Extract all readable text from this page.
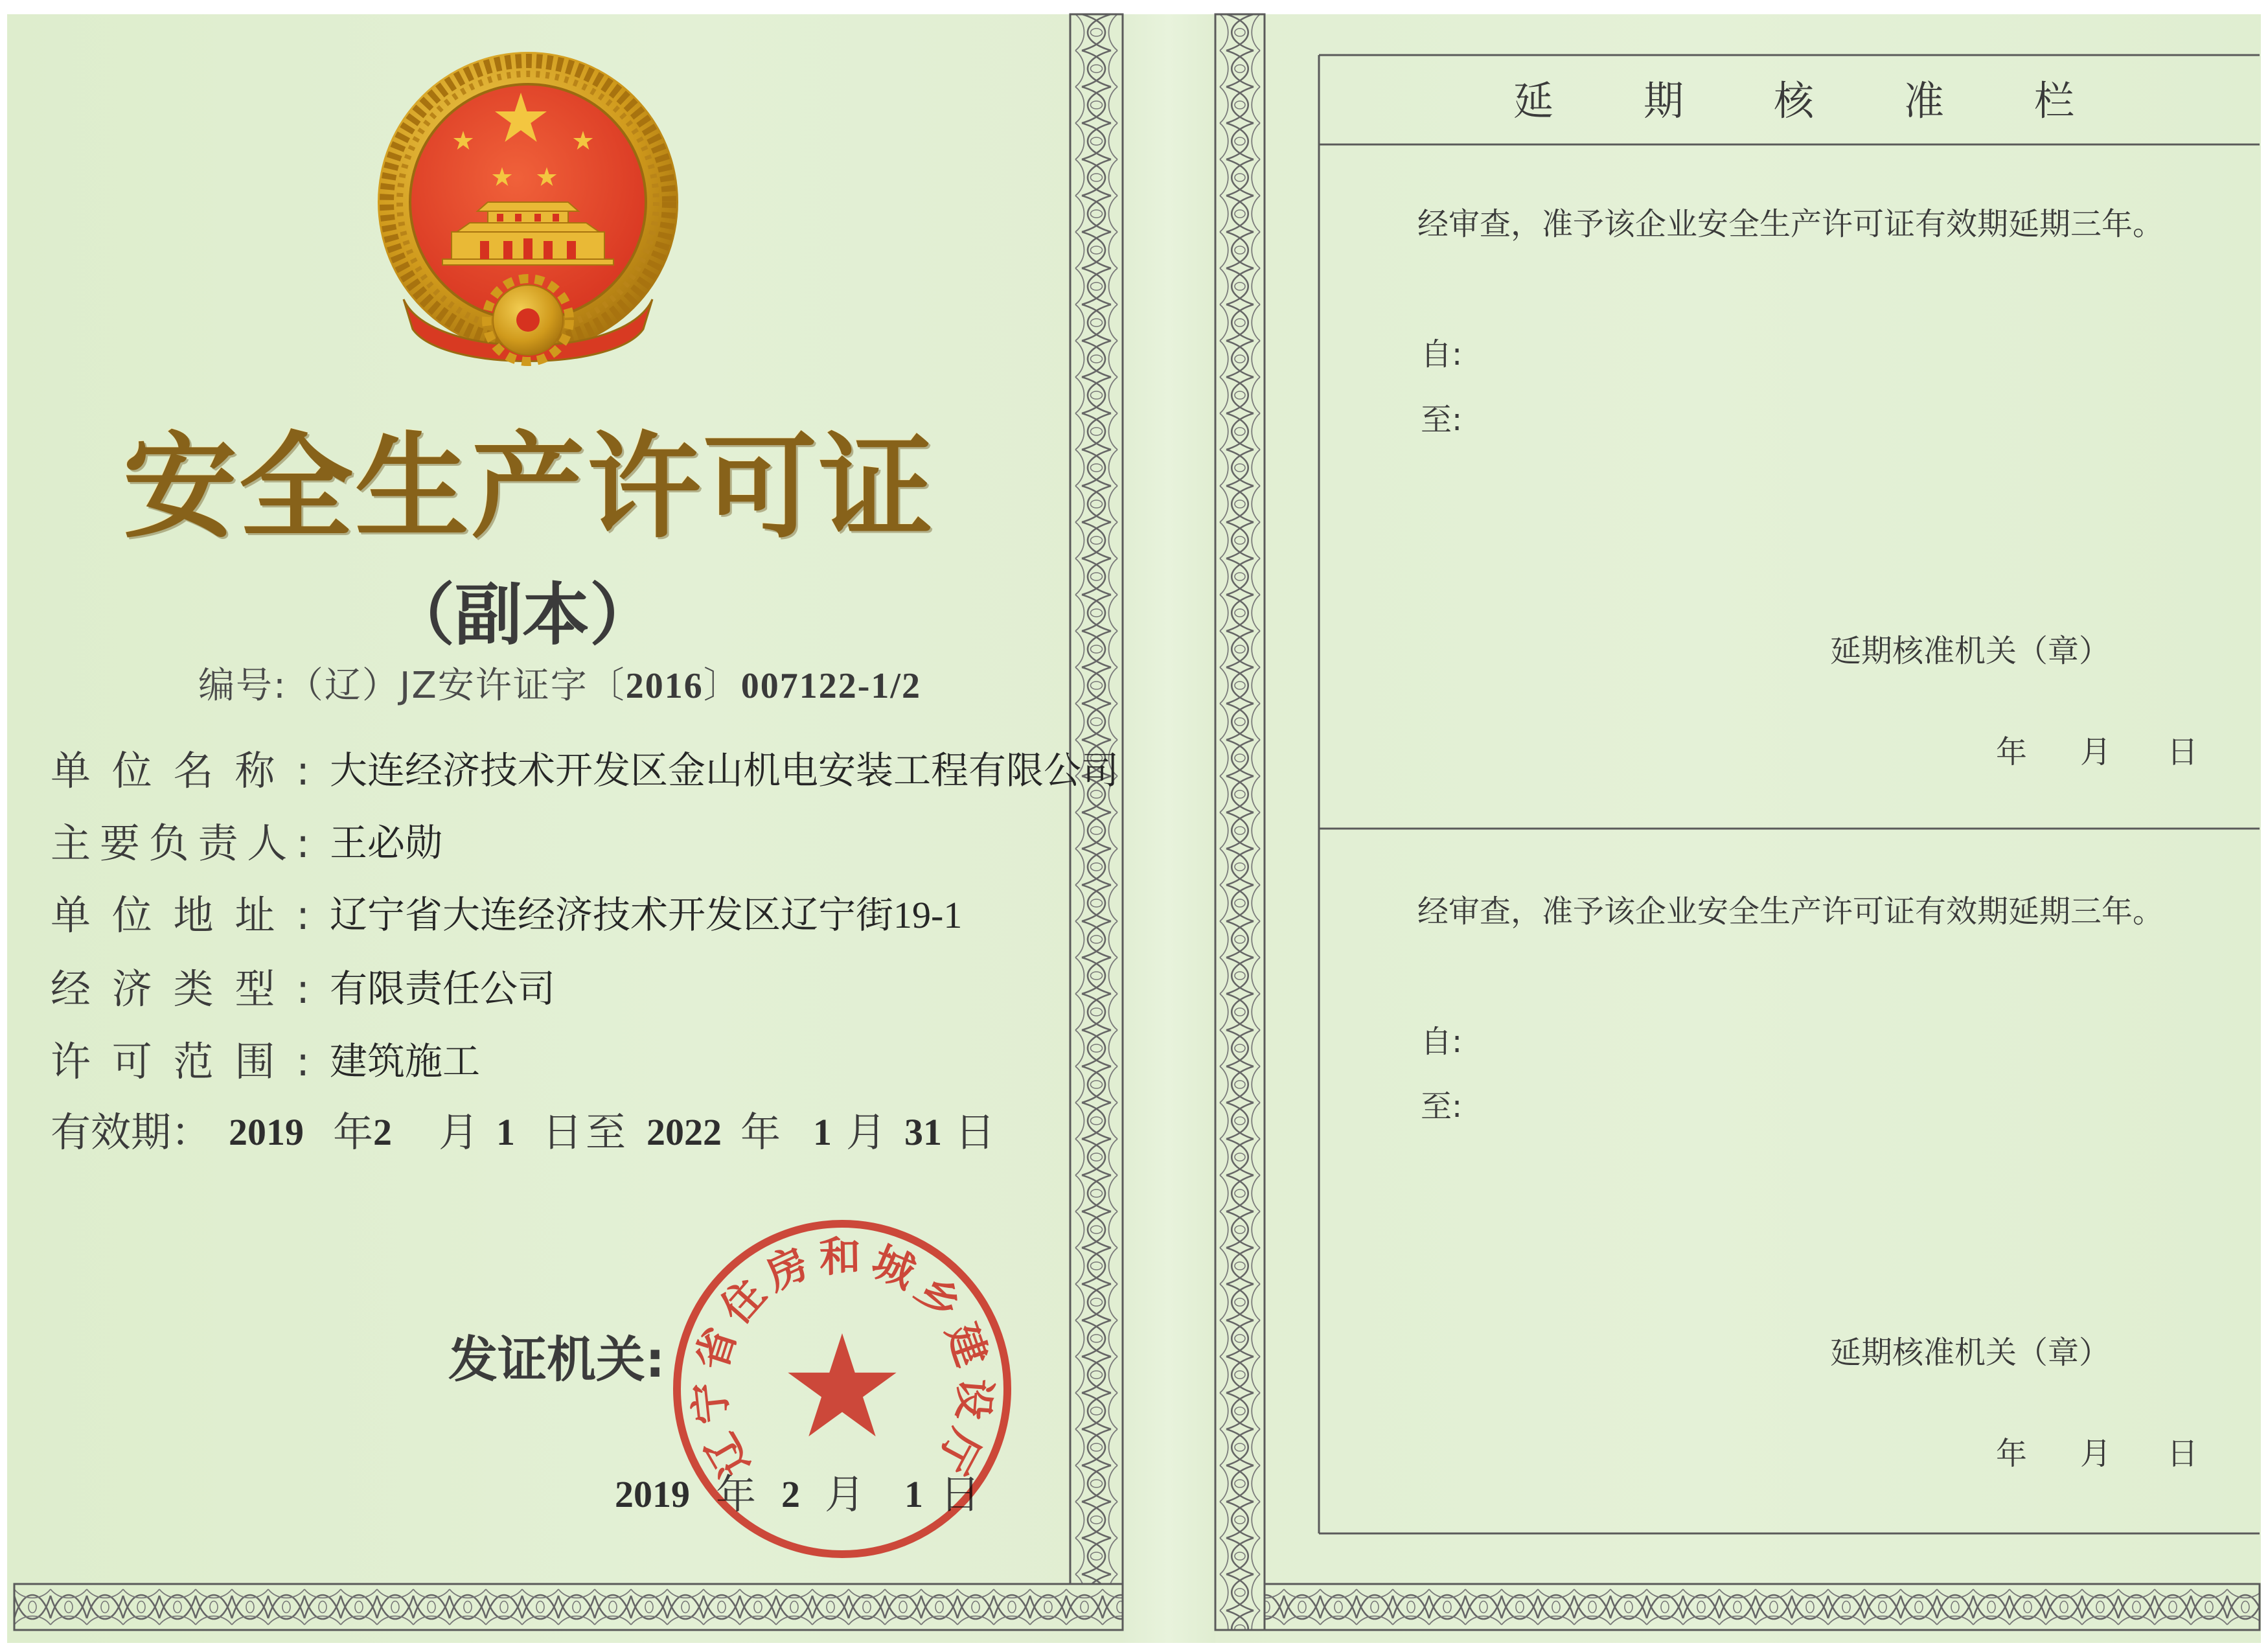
安全生产许可证
（副本）
编号:（辽）JZ安许证字〔2016〕007122-1/2
单位名称: 大连经济技术开发区金山机电安装工程有限公司
主要负责人: 王必勋
单位地址: 辽宁省大连经济技术开发区辽宁街19-1
经济类型: 有限责任公司
许可范围: 建筑施工
有效期： 2019 年 2 月 1 日 至 2022 年 1 月 31 日
发证机关:
2019 年 2 月 1 日
辽宁省住房和城乡建设厅
延期核准栏
经审查，准予该企业安全生产许可证有效期延期三年。
自:
至:
延期核准机关（章）
年 月 日
经审查，准予该企业安全生产许可证有效期延期三年。
自:
至:
延期核准机关（章）
年 月 日
